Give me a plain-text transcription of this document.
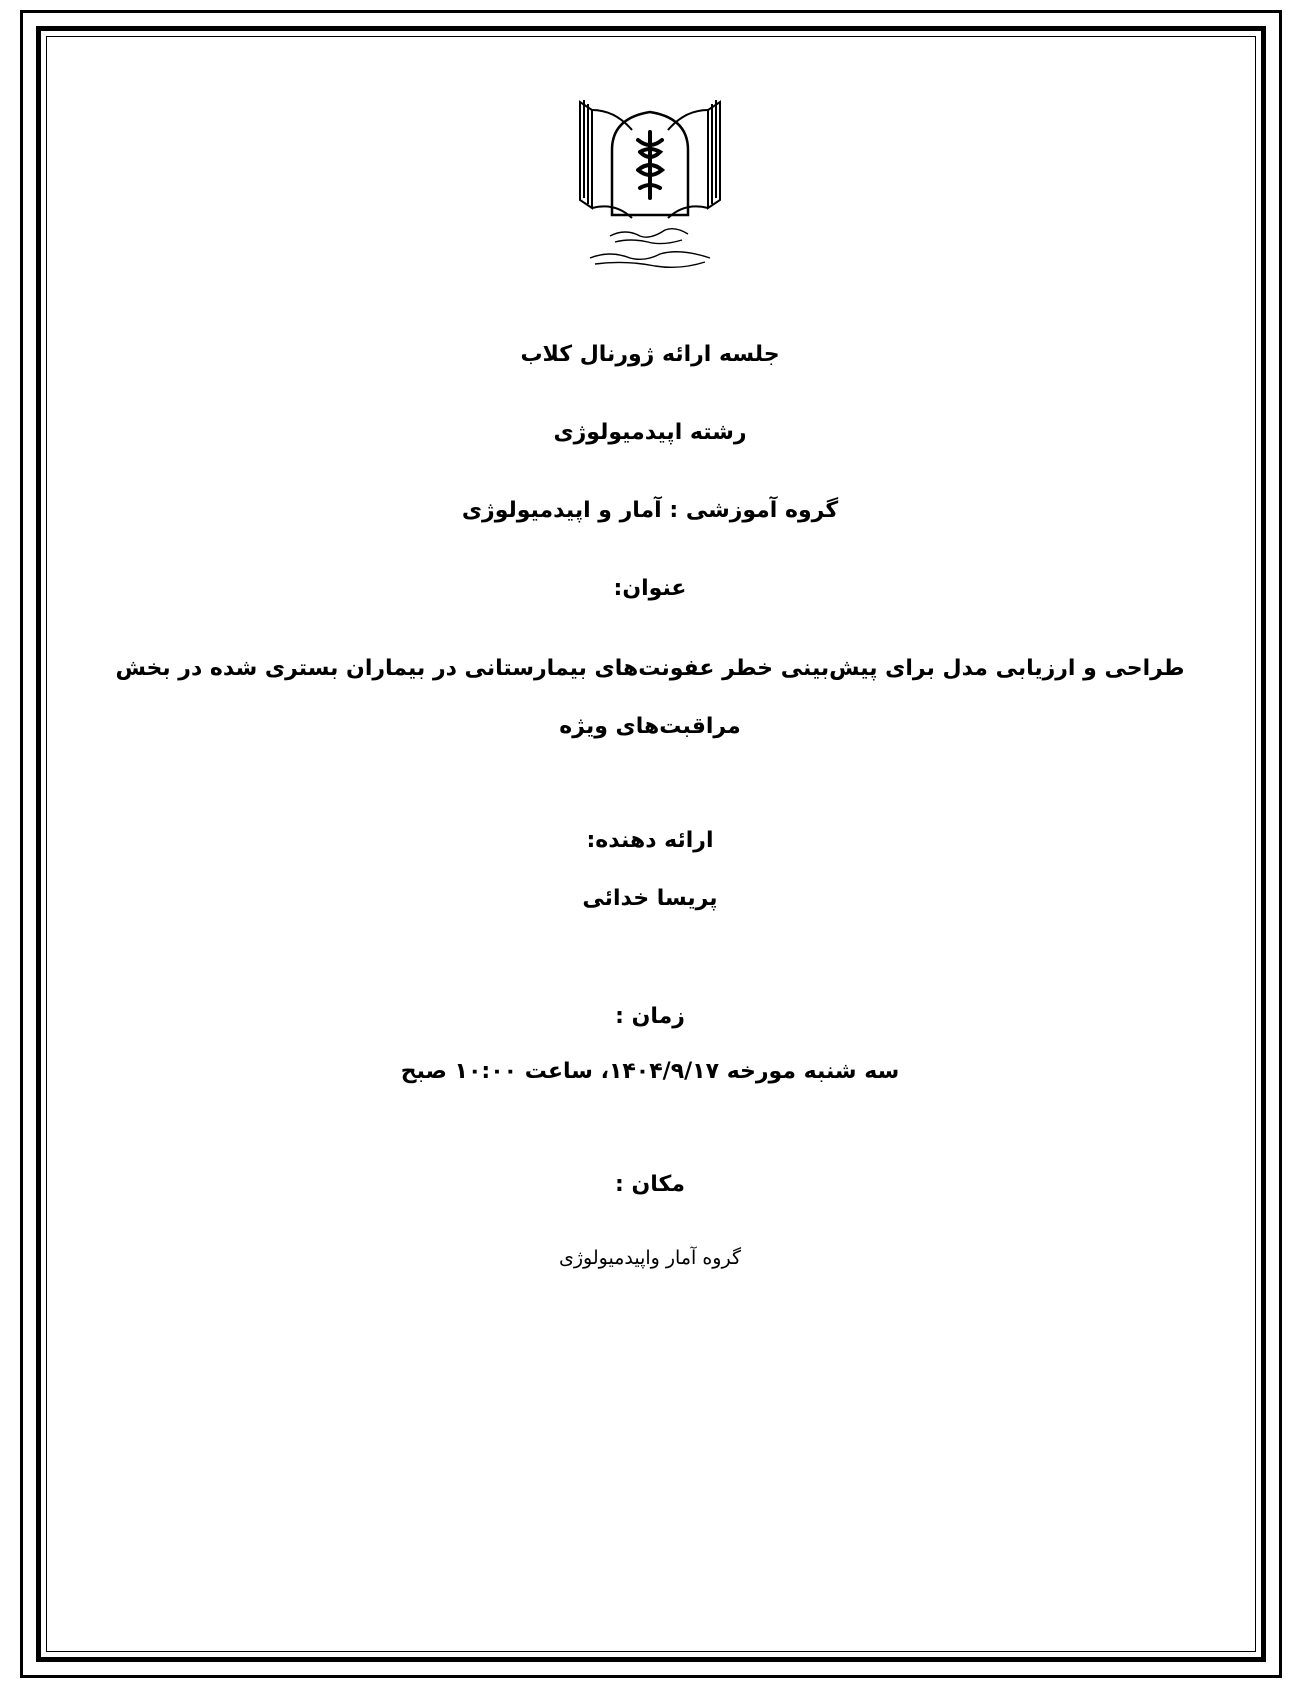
جلسه ارائه ژورنال کلاب
رشته اپیدمیولوژی
گروه آموزشی : آمار و اپیدمیولوژی
عنوان:
طراحی و ارزیابی مدل برای پیش‌بینی خطر عفونت‌های بیمارستانی در بیماران بستری شده در بخش مراقبت‌های ویژه
ارائه دهنده:
پریسا خدائی
زمان :
سه شنبه مورخه ۱۴۰۴/۹/۱۷، ساعت ۱۰:۰۰ صبح
مکان :
گروه آمار واپیدمیولوژی
